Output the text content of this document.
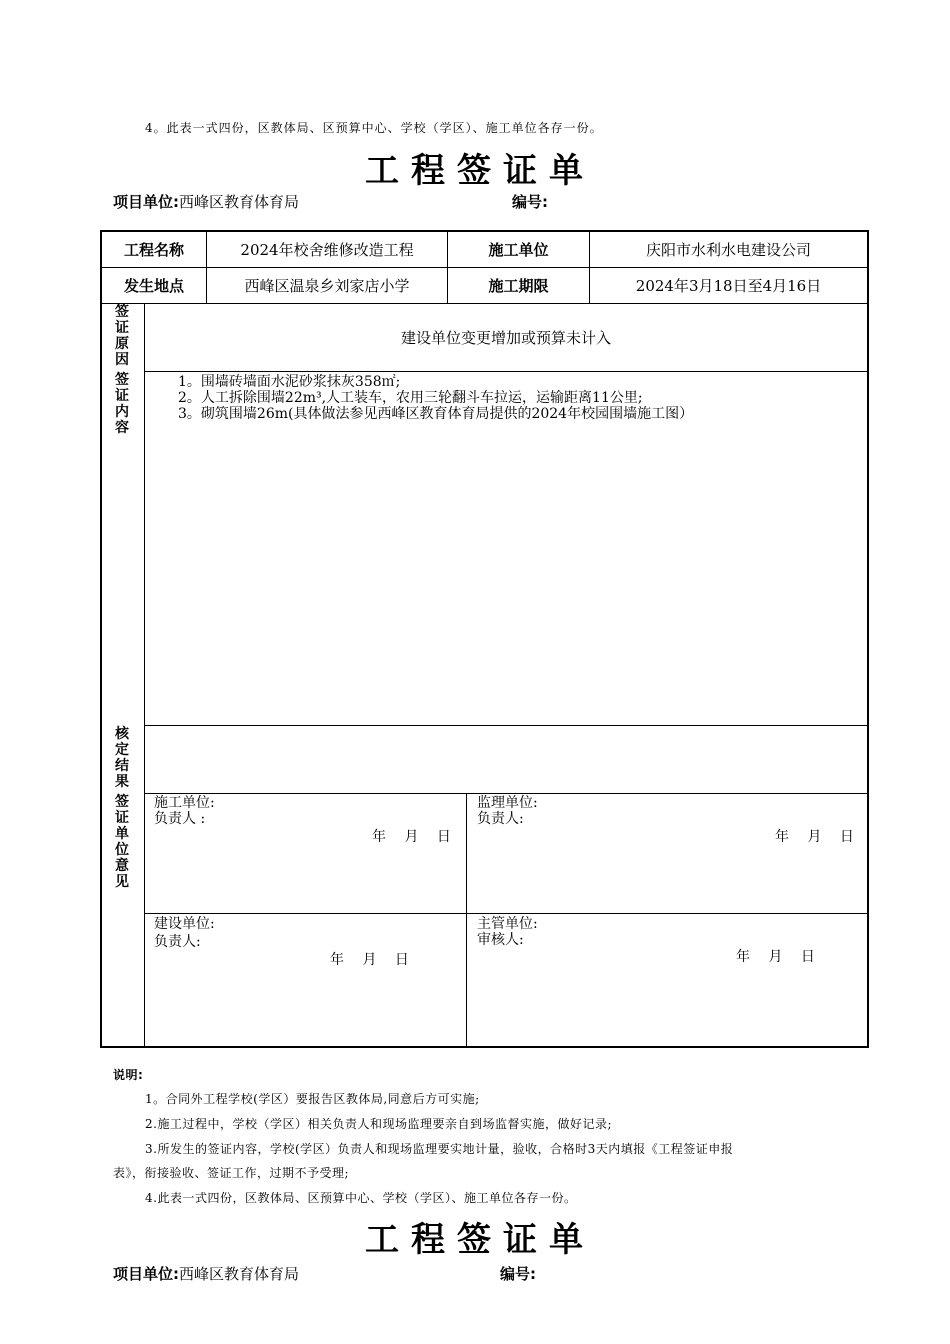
4。此表一式四份，区教体局、区预算中心、学校（学区）、施工单位各存一份。
工程签证单
项目单位:西峰区教育体育局	编号:
工程名称	2024年校舍维修改造工程	施工单位	庆阳市水利水电建设公司
发生地点	西峰区温泉乡刘家店小学	施工期限	2024年3月18日至4月16日
签
证
原
因
建设单位变更增加或预算未计入
签
证
内
容
1。围墙砖墙面水泥砂浆抹灰358㎡;
2。人工拆除围墙22m³,人工装车，农用三轮翻斗车拉运，运输距离11公里;
3。砌筑围墙26m(具体做法参见西峰区教育体育局提供的2024年校园围墙施工图）
核
定
结
果
签
证
单
位
意
见
施工单位:
负责人 :
年　 月　 日
监理单位:
负责人:
年　 月　 日
建设单位:
负责人:
年　 月　 日
主管单位:
审核人:
年　 月　 日
说明:
1。合同外工程学校(学区）要报告区教体局,同意后方可实施;
2.施工过程中，学校（学区）相关负责人和现场监理要亲自到场监督实施，做好记录;
3.所发生的签证内容，学校(学区）负责人和现场监理要实地计量，验收，合格时3天内填报《工程签证申报
表》，衔接验收、签证工作，过期不予受理;
4.此表一式四份，区教体局、区预算中心、学校（学区）、施工单位各存一份。
工程签证单
项目单位:西峰区教育体育局	编号:
